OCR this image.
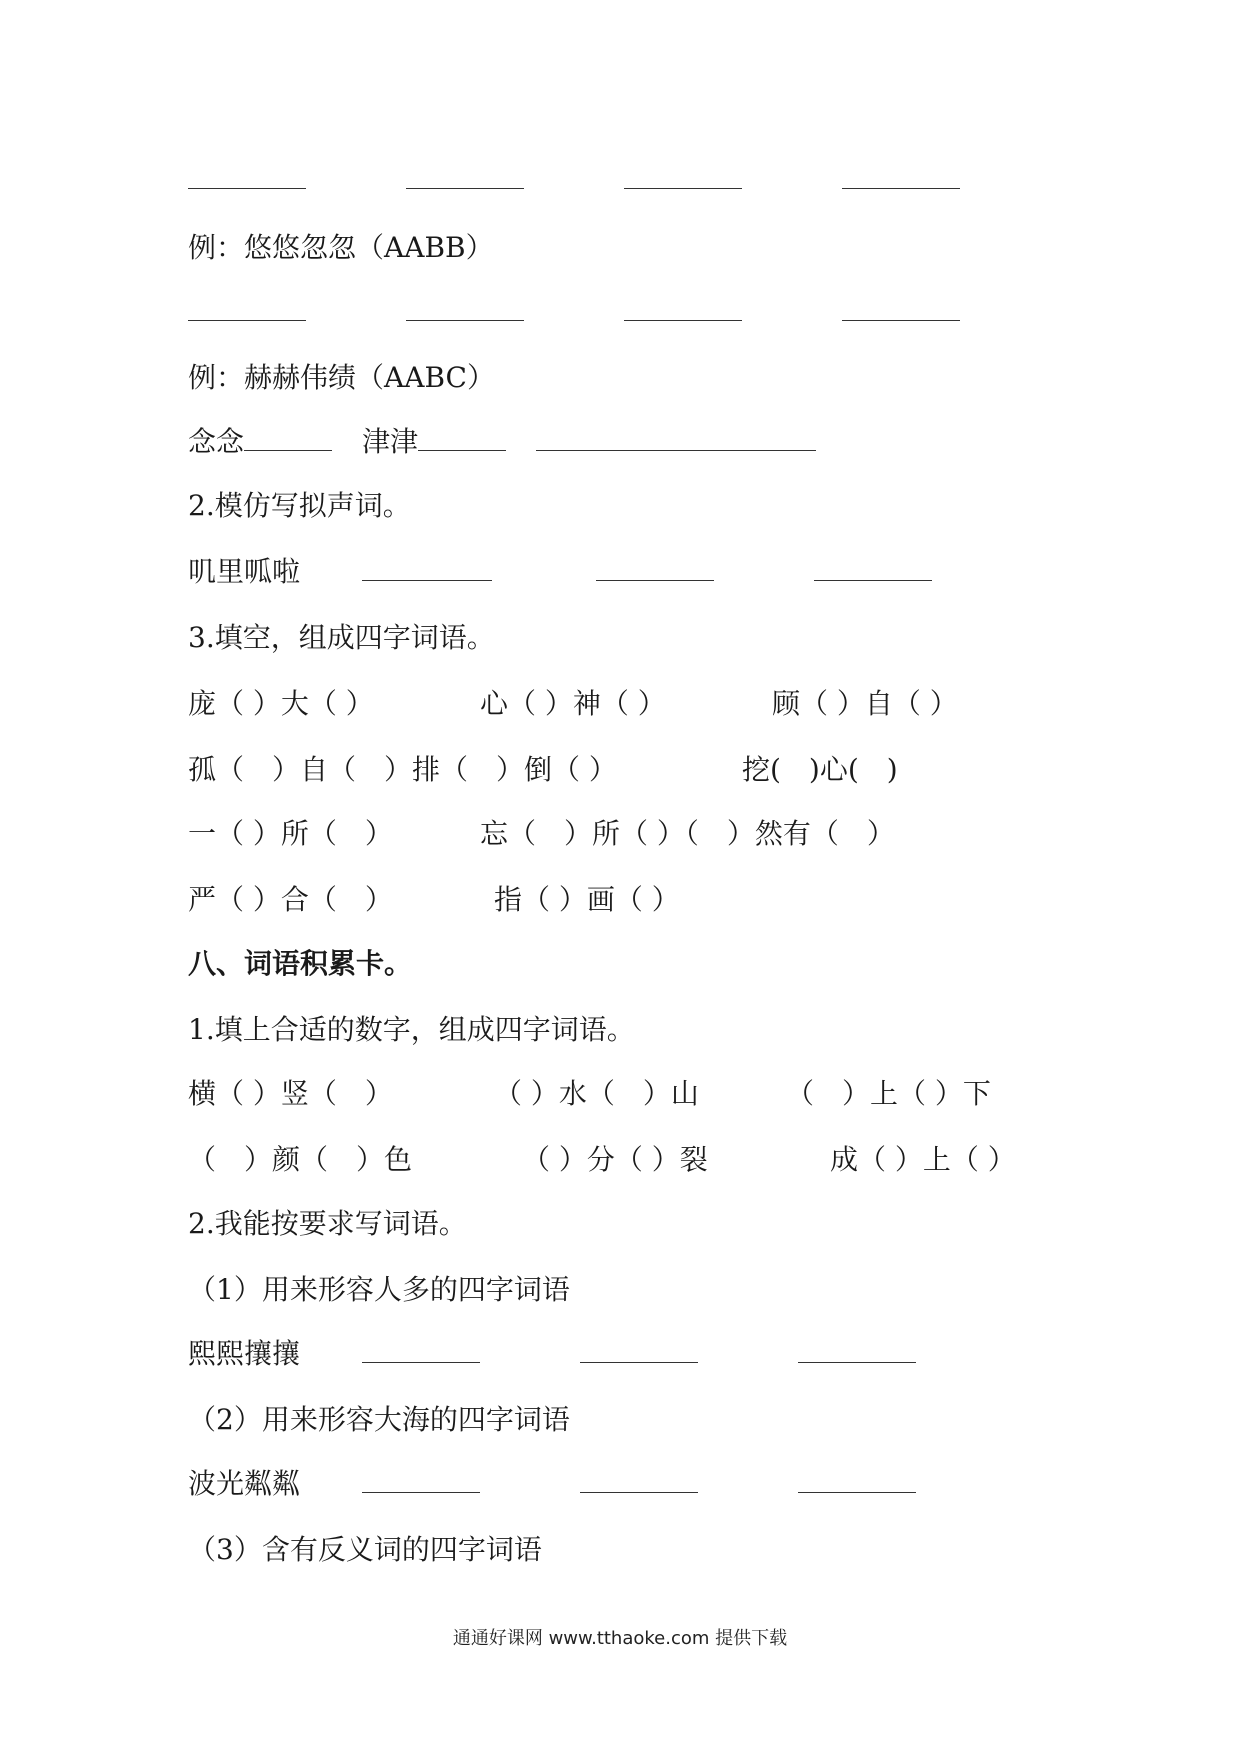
例：悠悠忽忽（AABB）
例：赫赫伟绩（AABC）
念念	津津
2.模仿写拟声词。
叽里呱啦
3.填空，组成四字词语。
庞（ ）大（ ）	心（ ）神（ ）	顾（ ）自（ ）
孤（　）自（　）排（　）倒（ ）	挖(　)心(　)
一（ ）所（　）	忘（　）所（ ）（　）然有（　）
严（ ）合（　）	指（ ）画（ ）
八、词语积累卡。
1.填上合适的数字，组成四字词语。
横（ ）竖（　）	（ ）水（　）山	（　）上（ ）下
（　）颜（　）色	（ ）分（ ）裂	成（ ）上（ ）
2.我能按要求写词语。
（1）用来形容人多的四字词语
熙熙攘攘
（2）用来形容大海的四字词语
波光粼粼
（3）含有反义词的四字词语
通通好课网 www.tthaoke.com 提供下载
